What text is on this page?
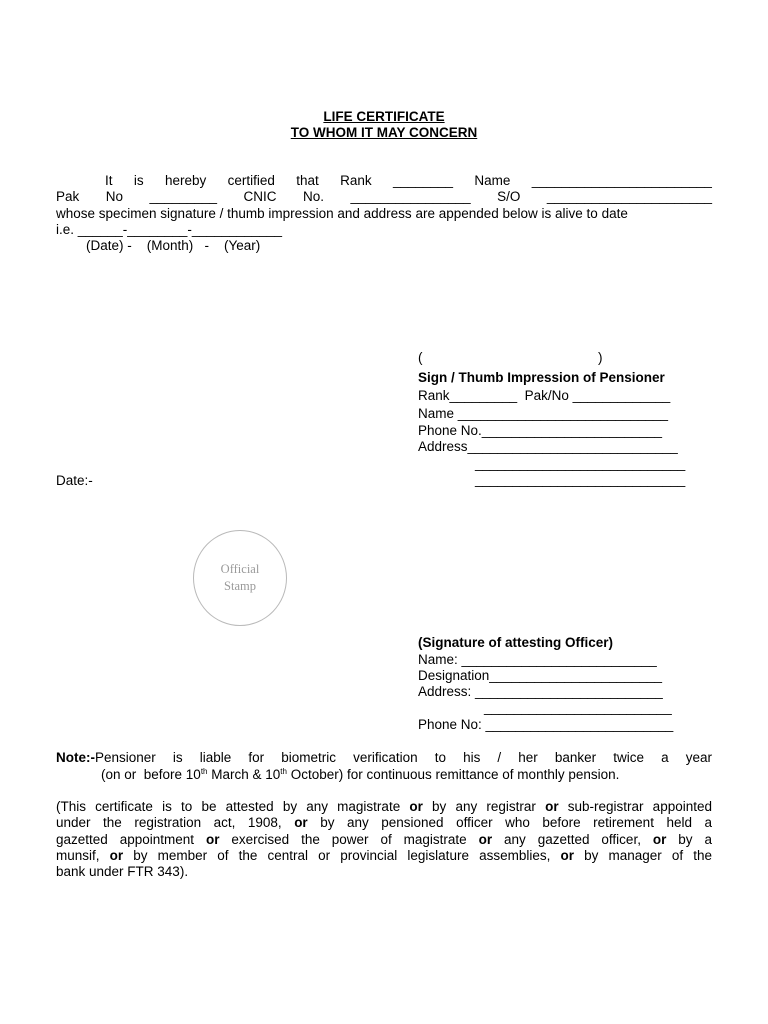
LIFE CERTIFICATE
TO WHOM IT MAY CONCERN
It is hereby certified that Rank ________ Name ________________________
Pak No _________ CNIC No. ________________ S/O ______________________
whose specimen signature / thumb impression and address are appended below is alive to date
i.e. ______-________-____________
(Date) -    (Month)   -    (Year)
(	)
Sign / Thumb Impression of Pensioner
Rank_________  Pak/No _____________
Name ____________________________
Phone No.________________________
Address____________________________
____________________________
____________________________
Date:-
Official
Stamp
(Signature of attesting Officer)
Name: __________________________
Designation_______________________
Address: _________________________
_________________________
Phone No: _________________________
Note:-Pensioner is liable for biometric verification to his / her banker twice a year
(on or  before 10th March & 10th October) for continuous remittance of monthly pension.
(This certificate is to be attested by any magistrate or by any registrar or sub-registrar appointed
under the registration act, 1908, or by any pensioned officer who before retirement held a
gazetted appointment or exercised the power of magistrate or any gazetted officer, or by a
munsif, or by member of the central or provincial legislature assemblies, or by manager of the
bank under FTR 343).
